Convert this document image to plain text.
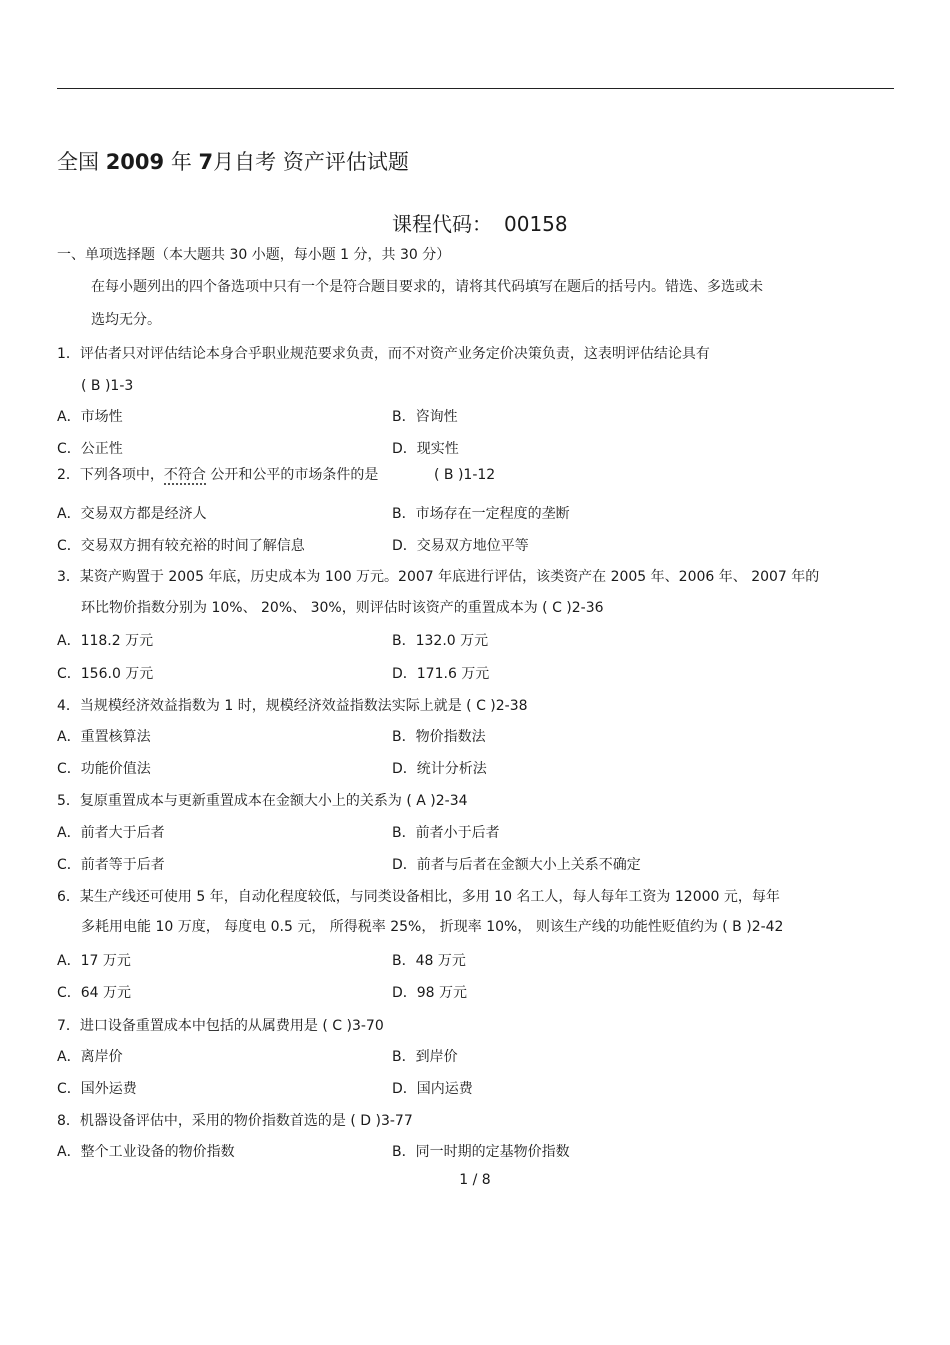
全国 2009 年 7月自考 资产评估试题
课程代码： 00158
一、单项选择题（本大题共 30 小题，每小题 1 分，共 30 分）
在每小题列出的四个备选项中只有一个是符合题目要求的，请将其代码填写在题后的括号内。错选、多选或未
选均无分。
1．评估者只对评估结论本身合乎职业规范要求负责，而不对资产业务定价决策负责，这表明评估结论具有
( B )1-3
A．市场性	B．咨询性
C．公正性	D．现实性
2．下列各项中，不符合 公开和公平的市场条件的是	( B )1-12
A．交易双方都是经济人	B．市场存在一定程度的垄断
C．交易双方拥有较充裕的时间了解信息	D．交易双方地位平等
3．某资产购置于 2005 年底，历史成本为 100 万元。2007 年底进行评估，该类资产在 2005 年、2006 年、 2007 年的
环比物价指数分别为 10%、 20%、 30%，则评估时该资产的重置成本为 ( C )2-36
A．118.2 万元	B．132.0 万元
C．156.0 万元	D．171.6 万元
4．当规模经济效益指数为 1 时，规模经济效益指数法实际上就是 ( C )2-38
A．重置核算法	B．物价指数法
C．功能价值法	D．统计分析法
5．复原重置成本与更新重置成本在金额大小上的关系为 ( A )2-34
A．前者大于后者	B．前者小于后者
C．前者等于后者	D．前者与后者在金额大小上关系不确定
6．某生产线还可使用 5 年，自动化程度较低，与同类设备相比，多用 10 名工人，每人每年工资为 12000 元，每年
多耗用电能 10 万度， 每度电 0.5 元， 所得税率 25%， 折现率 10%， 则该生产线的功能性贬值约为 ( B )2-42
A．17 万元	B．48 万元
C．64 万元	D．98 万元
7．进口设备重置成本中包括的从属费用是 ( C )3-70
A．离岸价	B．到岸价
C．国外运费	D．国内运费
8．机器设备评估中，采用的物价指数首选的是 ( D )3-77
A．整个工业设备的物价指数	B．同一时期的定基物价指数
1 / 8
